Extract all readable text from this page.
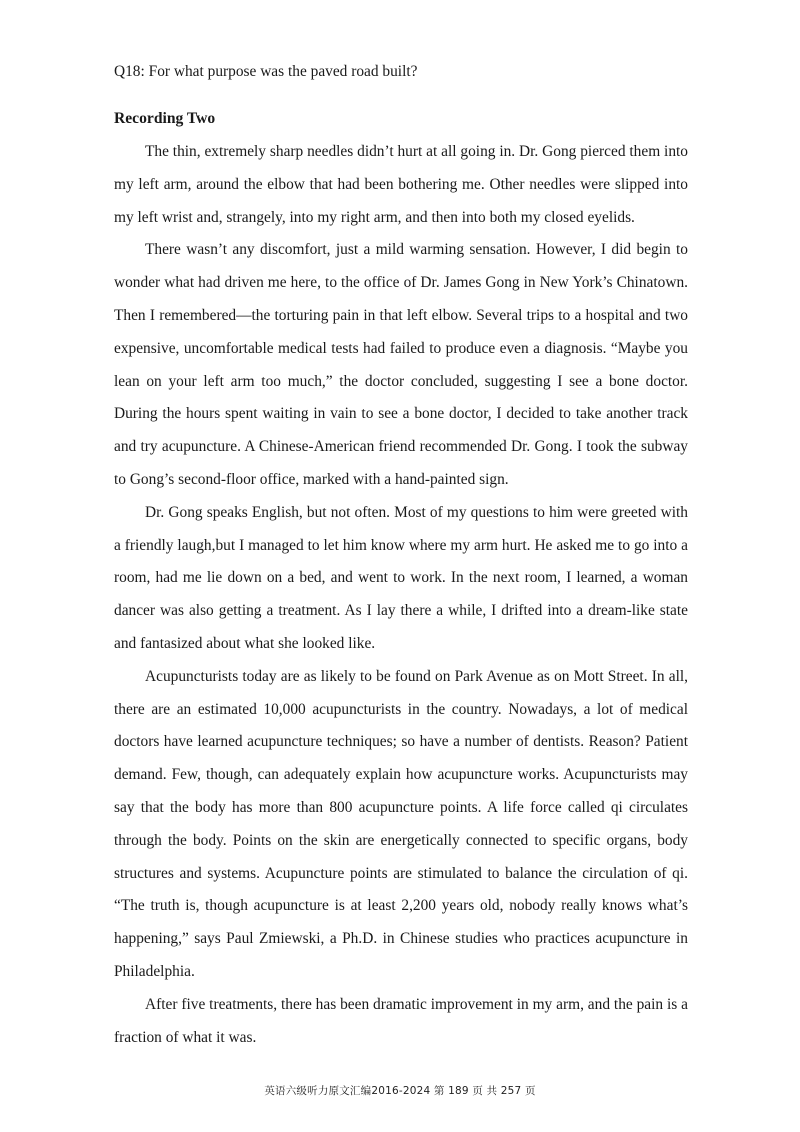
Q18: For what purpose was the paved road built?

Recording Two

The thin, extremely sharp needles didn’t hurt at all going in. Dr. Gong pierced them into my left arm, around the elbow that had been bothering me. Other needles were slipped into my left wrist and, strangely, into my right arm, and then into both my closed eyelids.

There wasn’t any discomfort, just a mild warming sensation. However, I did begin to wonder what had driven me here, to the office of Dr. James Gong in New York’s Chinatown. Then I remembered—the torturing pain in that left elbow. Several trips to a hospital and two expensive, uncomfortable medical tests had failed to produce even a diagnosis. “Maybe you lean on your left arm too much,” the doctor concluded, suggesting I see a bone doctor. During the hours spent waiting in vain to see a bone doctor, I decided to take another track and try acupuncture. A Chinese-American friend recommended Dr. Gong. I took the subway to Gong’s second-floor office, marked with a hand-painted sign.

Dr. Gong speaks English, but not often. Most of my questions to him were greeted with a friendly laugh,but I managed to let him know where my arm hurt. He asked me to go into a room, had me lie down on a bed, and went to work. In the next room, I learned, a woman dancer was also getting a treatment. As I lay there a while, I drifted into a dream-like state and fantasized about what she looked like.

Acupuncturists today are as likely to be found on Park Avenue as on Mott Street. In all, there are an estimated 10,000 acupuncturists in the country. Nowadays, a lot of medical doctors have learned acupuncture techniques; so have a number of dentists. Reason? Patient demand. Few, though, can adequately explain how acupuncture works. Acupuncturists may say that the body has more than 800 acupuncture points. A life force called qi circulates through the body. Points on the skin are energetically connected to specific organs, body structures and systems. Acupuncture points are stimulated to balance the circulation of qi. “The truth is, though acupuncture is at least 2,200 years old, nobody really knows what’s happening,” says Paul Zmiewski, a Ph.D. in Chinese studies who practices acupuncture in Philadelphia.

After five treatments, there has been dramatic improvement in my arm, and the pain is a fraction of what it was.

英语六级听力原文汇编2016-2024 第 189 页 共 257 页
